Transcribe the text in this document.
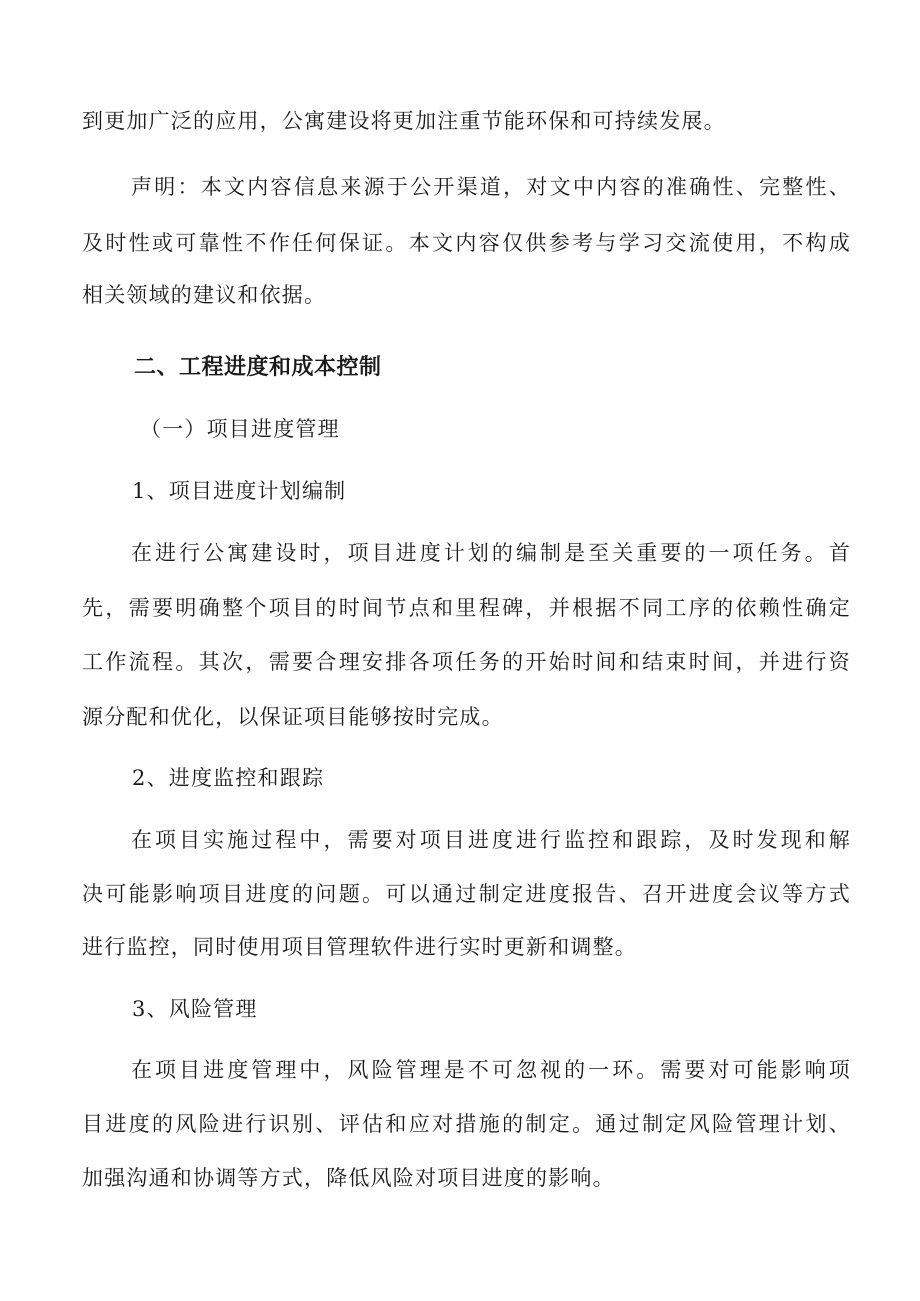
到更加广泛的应用，公寓建设将更加注重节能环保和可持续发展。
声明：本文内容信息来源于公开渠道，对文中内容的准确性、完整性、
及时性或可靠性不作任何保证。本文内容仅供参考与学习交流使用，不构成
相关领域的建议和依据。
二、工程进度和成本控制
（一）项目进度管理
1、项目进度计划编制
在进行公寓建设时，项目进度计划的编制是至关重要的一项任务。首
先，需要明确整个项目的时间节点和里程碑，并根据不同工序的依赖性确定
工作流程。其次，需要合理安排各项任务的开始时间和结束时间，并进行资
源分配和优化，以保证项目能够按时完成。
2、进度监控和跟踪
在项目实施过程中，需要对项目进度进行监控和跟踪，及时发现和解
决可能影响项目进度的问题。可以通过制定进度报告、召开进度会议等方式
进行监控，同时使用项目管理软件进行实时更新和调整。
3、风险管理
在项目进度管理中，风险管理是不可忽视的一环。需要对可能影响项
目进度的风险进行识别、评估和应对措施的制定。通过制定风险管理计划、
加强沟通和协调等方式，降低风险对项目进度的影响。
